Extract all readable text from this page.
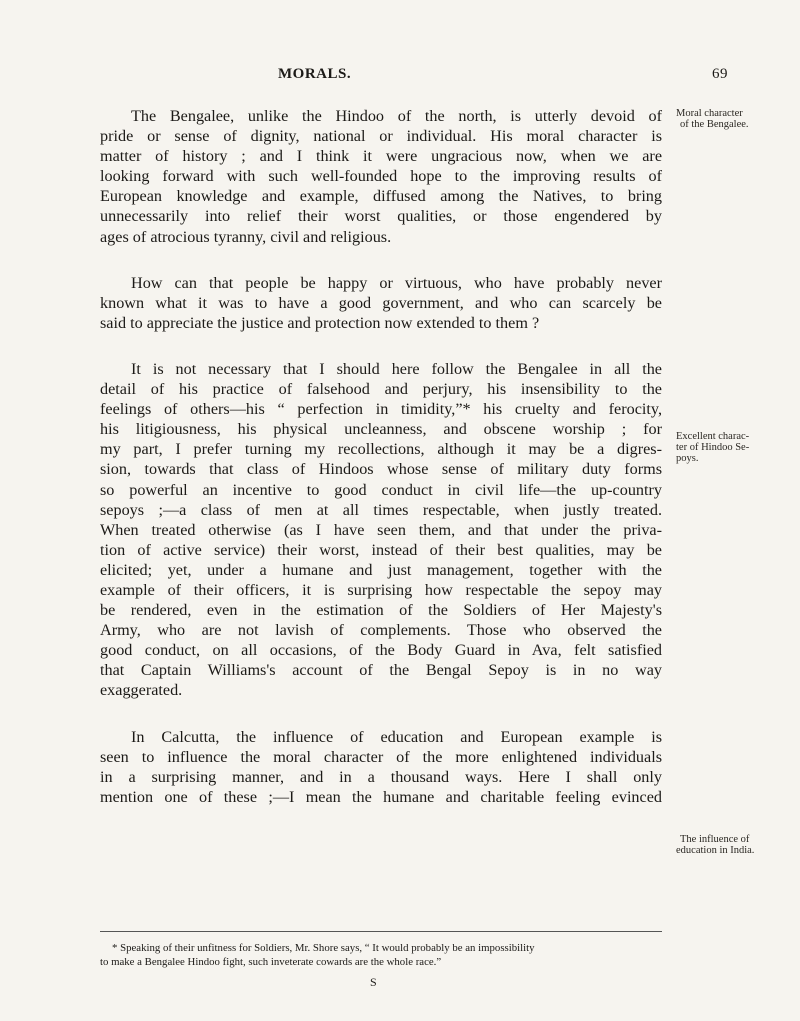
MORALS.	69

The Bengalee, unlike the Hindoo of the north, is utterly devoid of
pride or sense of dignity, national or individual. His moral character is
matter of history ; and I think it were ungracious now, when we are
looking forward with such well-founded hope to the improving results of
European knowledge and example, diffused among the Natives, to bring
unnecessarily into relief their worst qualities, or those engendered by
ages of atrocious tyranny, civil and religious.

How can that people be happy or virtuous, who have probably never
known what it was to have a good government, and who can scarcely be
said to appreciate the justice and protection now extended to them ?

It is not necessary that I should here follow the Bengalee in all the
detail of his practice of falsehood and perjury, his insensibility to the
feelings of others—his “ perfection in timidity,”* his cruelty and ferocity,
his litigiousness, his physical uncleanness, and obscene worship ; for
my part, I prefer turning my recollections, although it may be a digres-
sion, towards that class of Hindoos whose sense of military duty forms
so powerful an incentive to good conduct in civil life—the up-country
sepoys ;—a class of men at all times respectable, when justly treated.
When treated otherwise (as I have seen them, and that under the priva-
tion of active service) their worst, instead of their best qualities, may be
elicited; yet, under a humane and just management, together with the
example of their officers, it is surprising how respectable the sepoy may
be rendered, even in the estimation of the Soldiers of Her Majesty's
Army, who are not lavish of complements. Those who observed the
good conduct, on all occasions, of the Body Guard in Ava, felt satisfied
that Captain Williams's account of the Bengal Sepoy is in no way
exaggerated.

In Calcutta, the influence of education and European example is
seen to influence the moral character of the more enlightened individuals
in a surprising manner, and in a thousand ways. Here I shall only
mention one of these ;—I mean the humane and charitable feeling evinced

Moral character
of the Bengalee.
Excellent charac-
ter of Hindoo Se-
poys.
The influence of
education in India.
* Speaking of their unfitness for Soldiers, Mr. Shore says, “ It would probably be an impossibility
to make a Bengalee Hindoo fight, such inveterate cowards are the whole race.”
S
